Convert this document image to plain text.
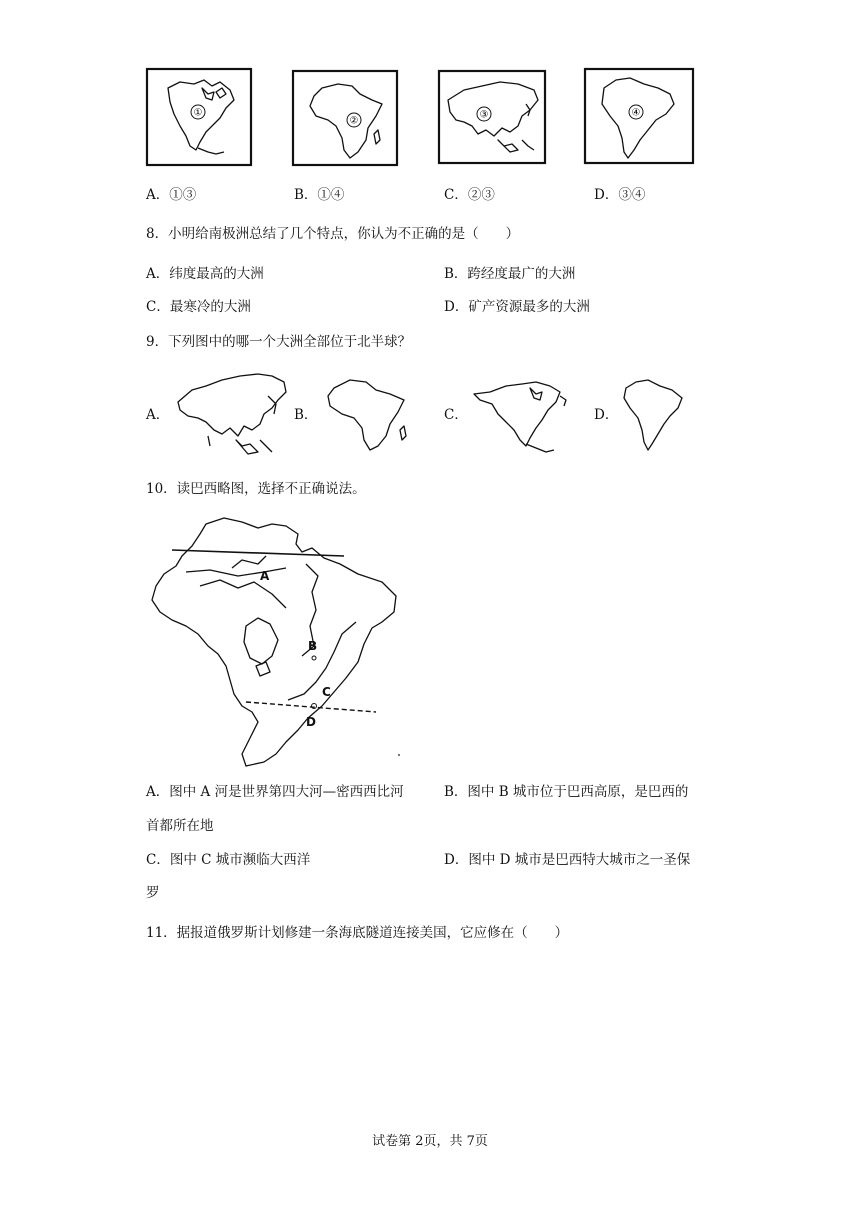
①
②
③	④
A．①③	B．①④	C．②③	D．③④
8．小明给南极洲总结了几个特点，你认为不正确的是（　　）
A．纬度最高的大洲	B．跨经度最广的大洲
C．最寒冷的大洲	D．矿产资源最多的大洲
9．下列图中的哪一个大洲全部位于北半球？
A．	B．	C．	D．
10．读巴西略图，选择不正确说法。
A
B
C
D
A．图中 A 河是世界第四大河—密西西比河	B．图中 B 城市位于巴西高原，是巴西的
首都所在地
C．图中 C 城市濒临大西洋	D．图中 D 城市是巴西特大城市之一圣保
罗
11．据报道俄罗斯计划修建一条海底隧道连接美国，它应修在（　　）
试卷第 2页，共 7页
